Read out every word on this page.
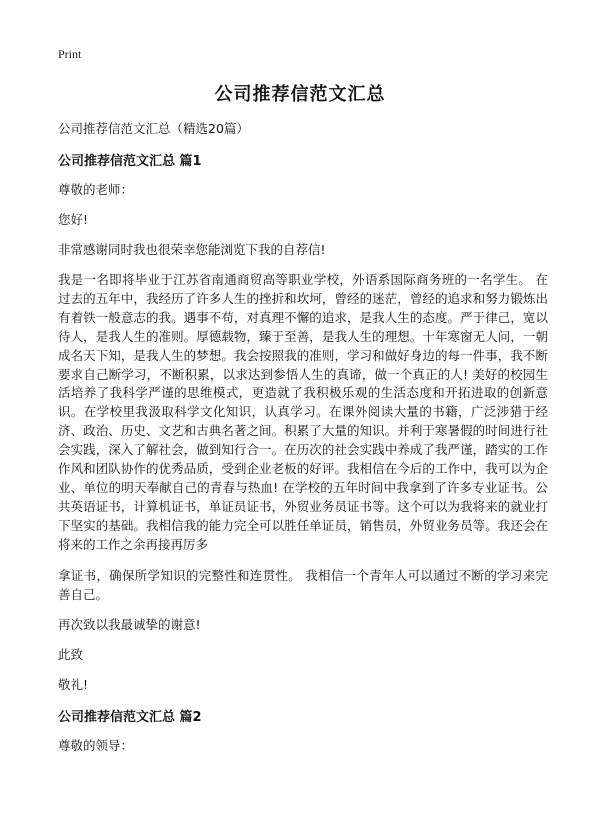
Print
公司推荐信范文汇总

公司推荐信范文汇总（精选20篇）

公司推荐信范文汇总 篇1

尊敬的老师：

您好!

非常感谢同时我也很荣幸您能浏览下我的自荐信!

我是一名即将毕业于江苏省南通商贸高等职业学校，外语系国际商务班的一名学生。 在过去的五年中，我经历了许多人生的挫折和坎坷，曾经的迷茫，曾经的追求和努力锻炼出有着铁一般意志的我。遇事不苟，对真理不懈的追求，是我人生的态度。严于律己，宽以待人，是我人生的准则。厚德载物，臻于至善，是我人生的理想。十年寒窗无人问，一朝成名天下知，是我人生的梦想。我会按照我的准则，学习和做好身边的每一件事，我不断要求自己断学习，不断积累，以求达到参悟人生的真谛，做一个真正的人! 美好的校园生活培养了我科学严谨的思维模式，更造就了我积极乐观的生活态度和开拓进取的创新意识。在学校里我汲取科学文化知识，认真学习。在课外阅读大量的书籍，广泛涉猎于经济、政治、历史、文艺和古典名著之间。积累了大量的知识。并利于寒暑假的时间进行社会实践，深入了解社会，做到知行合一。在历次的社会实践中养成了我严谨，踏实的工作作风和团队协作的优秀品质，受到企业老板的好评。我相信在今后的工作中，我可以为企业、单位的明天奉献自己的青春与热血! 在学校的五年时间中我拿到了许多专业证书。公共英语证书，计算机证书，单证员证书，外贸业务员证书等。这个可以为我将来的就业打下坚实的基础。我相信我的能力完全可以胜任单证员，销售员，外贸业务员等。我还会在将来的工作之余再接再厉多

拿证书，确保所学知识的完整性和连贯性。 我相信一个青年人可以通过不断的学习来完善自己。

再次致以我最诚挚的谢意!

此致

敬礼!

公司推荐信范文汇总 篇2

尊敬的领导：
